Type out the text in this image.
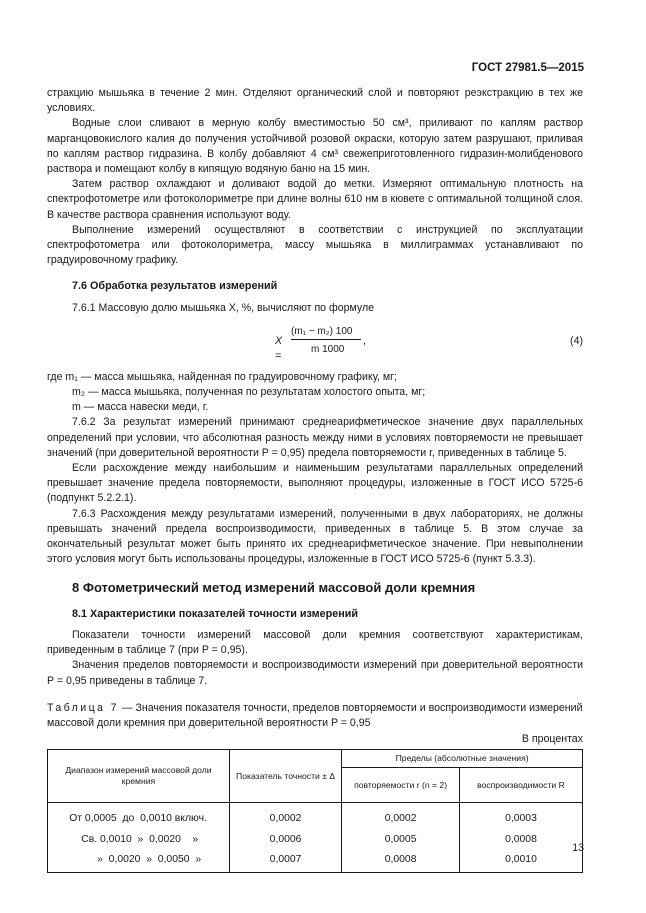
ГОСТ 27981.5—2015

стракцию мышьяка в течение 2 мин. Отделяют органический слой и повторяют реэкстракцию в тех же условиях.

Водные слои сливают в мерную колбу вместимостью 50 см³, приливают по каплям раствор марганцовокислого калия до получения устойчивой розовой окраски, которую затем разрушают, приливая по каплям раствор гидразина. В колбу добавляют 4 см³ свежеприготовленного гидразин-молибденового раствора и помещают колбу в кипящую водяную баню на 15 мин.

Затем раствор охлаждают и доливают водой до метки. Измеряют оптимальную плотность на спектрофотометре или фотоколориметре при длине волны 610 нм в кювете с оптимальной толщиной слоя. В качестве раствора сравнения используют воду.

Выполнение измерений осуществляют в соответствии с инструкцией по эксплуатации спектрофотометра или фотоколориметра, массу мышьяка в миллиграммах устанавливают по градуировочному графику.

7.6 Обработка результатов измерений

7.6.1 Массовую долю мышьяка X, %, вычисляют по формуле

X =
(m₁ − m₂) 100
m 1000
,	(4)

где m₁ — масса мышьяка, найденная по градуировочному графику, мг;

m₂ — масса мышьяка, полученная по результатам холостого опыта, мг;

m — масса навески меди, г.

7.6.2 За результат измерений принимают среднеарифметическое значение двух параллельных определений при условии, что абсолютная разность между ними в условиях повторяемости не превышает значений (при доверительной вероятности P = 0,95) предела повторяемости r, приведенных в таблице 5.

Если расхождение между наибольшим и наименьшим результатами параллельных определений превышает значение предела повторяемости, выполняют процедуры, изложенные в ГОСТ ИСО 5725-6 (подпункт 5.2.2.1).

7.6.3 Расхождения между результатами измерений, полученными в двух лабораториях, не должны превышать значений предела воспроизводимости, приведенных в таблице 5. В этом случае за окончательный результат может быть принято их среднеарифметическое значение. При невыполнении этого условия могут быть использованы процедуры, изложенные в ГОСТ ИСО 5725-6 (пункт 5.3.3).

8 Фотометрический метод измерений массовой доли кремния
8.1 Характеристики показателей точности измерений

Показатели точности измерений массовой доли кремния соответствуют характеристикам, приведенным в таблице 7 (при P = 0,95).

Значения пределов повторяемости и воспроизводимости измерений при доверительной вероятности P = 0,95 приведены в таблице 7.

Таблица 7 — Значения показателя точности, пределов повторяемости и воспроизводимости измерений массовой доли кремния при доверительной вероятности P = 0,95

В процентах
Диапазон измерений массовой доли кремния	Показатель точности ± Δ	Пределы (абсолютные значения)	
		повторяемости r (n = 2)	воспроизводимости R
От 0,0005  до  0,0010 включ.	0,0002	0,0002	0,0003
Св. 0,0010  »  0,0020    »	0,0006	0,0005	0,0008
»  0,0020  »  0,0050  »	0,0007	0,0008	0,0010
13
